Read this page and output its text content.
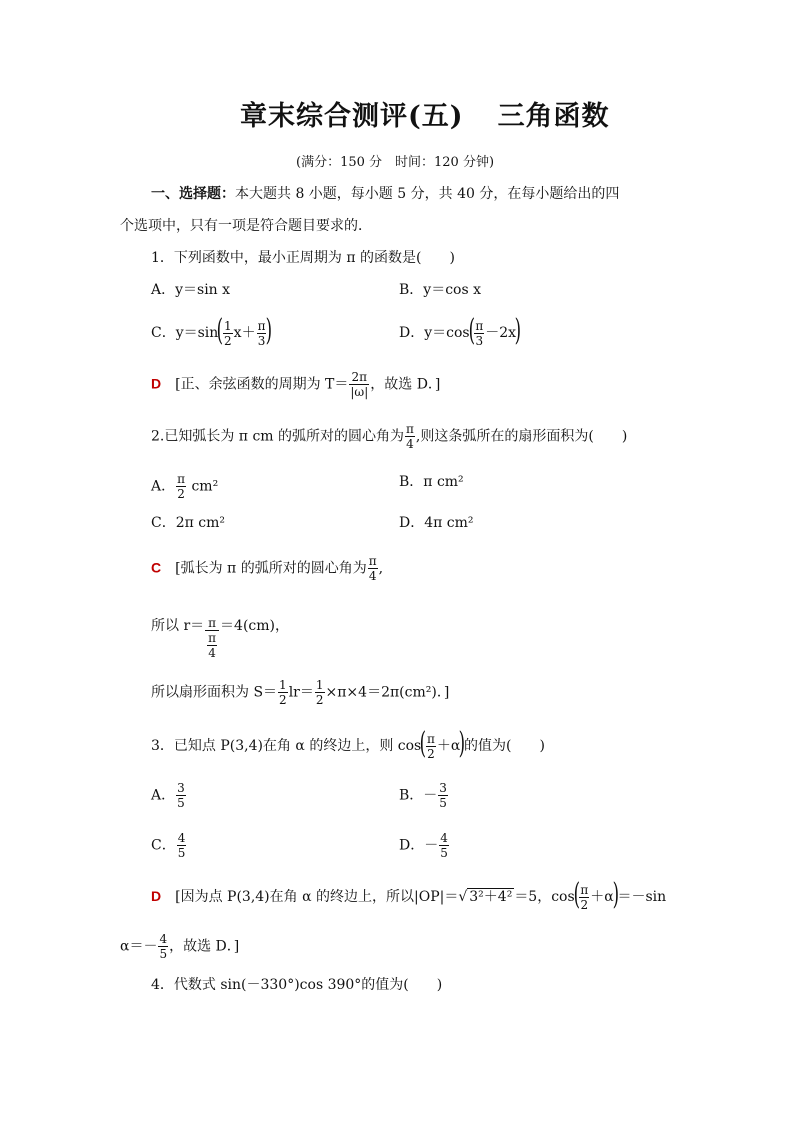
章末综合测评(五) 三角函数
(满分：150 分　时间：120 分钟)
一、选择题：本大题共 8 小题，每小题 5 分，共 40 分，在每小题给出的四
个选项中，只有一项是符合题目要求的．
1．下列函数中，最小正周期为 π 的函数是(　　)
A．y＝sin x	B．y＝cos x
C．$y=\sin( \frac{1}{2} x+ \frac{\pi}{3}$ )	D．$y=\cos( \frac{\pi}{3} -2x)$
D　 [正、余弦函数的周期为 $T= \frac{2\pi}{|\omega|}$ ，故选 D．]
2.已知弧长为 π cm 的弧所对的圆心角为 $\frac{\pi}{4}$ ,则这条弧所在的扇形面积为(　　)
A． $\frac{\pi}{2} cm^2$	B．π cm²
C．2π cm²	D．4π cm²
C　 [弧长为 π 的弧所对的圆心角为 $\frac{\pi}{4}$ ,
所以 $r= \frac{\pi}{\frac{\pi}{4}} =4(cm)$，
所以扇形面积为 $S= \frac{1}{2} lr= \frac{1}{2} \times\pi\times 4=2\pi(cm^2)$．]
3．已知点 P(3,4)在角 α 的终边上，则 $\cos( \frac{\pi}{2} +\alpha)$的值为(　　)
A． $\frac{3}{5}$	B．－ $\frac{3}{5}$
C． $\frac{4}{5}$	D．－ $\frac{4}{5}$
D　 [因为点 P(3,4)在角 α 的终边上，所以|OP|＝√ 3²＋4² ＝5，$\cos( \frac{\pi}{2} +\alpha)=-\sin$
$\alpha=- \frac{4}{5}$ ，故选 D．]
4．代数式 sin(－330°)cos 390°的值为(　　)
